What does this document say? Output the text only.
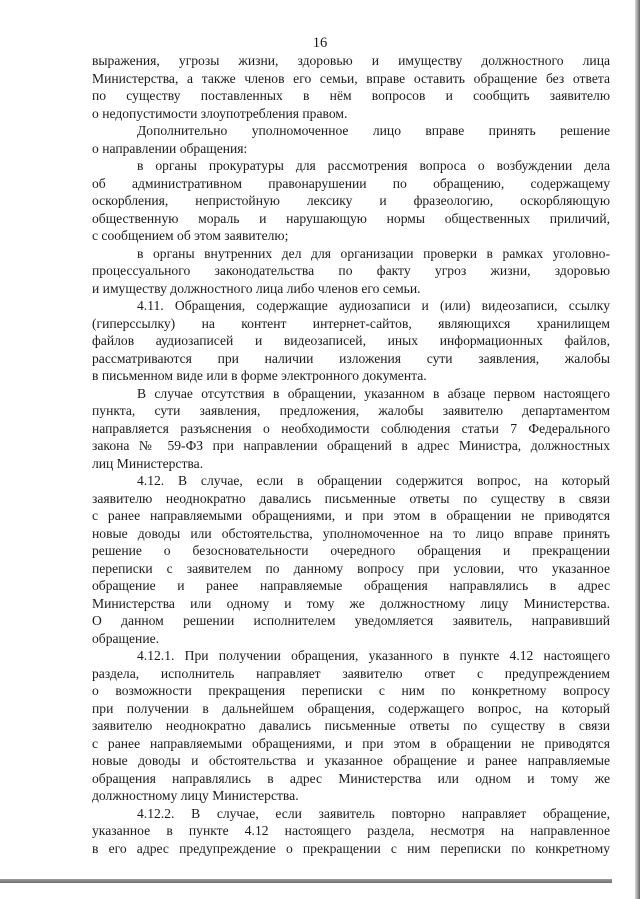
16
выражения, угрозы жизни, здоровью и имуществу должностного лица
Министерства, а также членов его семьи, вправе оставить обращение без ответа
по существу поставленных в нём вопросов и сообщить заявителю
о недопустимости злоупотребления правом.
Дополнительно уполномоченное лицо вправе принять решение
о направлении обращения:
в органы прокуратуры для рассмотрения вопроса о возбуждении дела
об административном правонарушении по обращению, содержащему
оскорбления, непристойную лексику и фразеологию, оскорбляющую
общественную мораль и нарушающую нормы общественных приличий,
с сообщением об этом заявителю;
в органы внутренних дел для организации проверки в рамках уголовно-
процессуального законодательства по факту угроз жизни, здоровью
и имуществу должностного лица либо членов его семьи.
4.11. Обращения, содержащие аудиозаписи и (или) видеозаписи, ссылку
(гиперссылку) на контент интернет-сайтов, являющихся хранилищем
файлов аудиозаписей и видеозаписей, иных информационных файлов,
рассматриваются при наличии изложения сути заявления, жалобы
в письменном виде или в форме электронного документа.
В случае отсутствия в обращении, указанном в абзаце первом настоящего
пункта, сути заявления, предложения, жалобы заявителю департаментом
направляется разъяснения о необходимости соблюдения статьи 7 Федерального
закона № 59-ФЗ при направлении обращений в адрес Министра, должностных
лиц Министерства.
4.12. В случае, если в обращении содержится вопрос, на который
заявителю неоднократно давались письменные ответы по существу в связи
с ранее направляемыми обращениями, и при этом в обращении не приводятся
новые доводы или обстоятельства, уполномоченное на то лицо вправе принять
решение о безосновательности очередного обращения и прекращении
переписки с заявителем по данному вопросу при условии, что указанное
обращение и ранее направляемые обращения направлялись в адрес
Министерства или одному и тому же должностному лицу Министерства.
О данном решении исполнителем уведомляется заявитель, направивший
обращение.
4.12.1. При получении обращения, указанного в пункте 4.12 настоящего
раздела, исполнитель направляет заявителю ответ с предупреждением
о возможности прекращения переписки с ним по конкретному вопросу
при получении в дальнейшем обращения, содержащего вопрос, на который
заявителю неоднократно давались письменные ответы по существу в связи
с ранее направляемыми обращениями, и при этом в обращении не приводятся
новые доводы и обстоятельства и указанное обращение и ранее направляемые
обращения направлялись в адрес Министерства или одном и тому же
должностному лицу Министерства.
4.12.2. В случае, если заявитель повторно направляет обращение,
указанное в пункте 4.12 настоящего раздела, несмотря на направленное
в его адрес предупреждение о прекращении с ним переписки по конкретному
